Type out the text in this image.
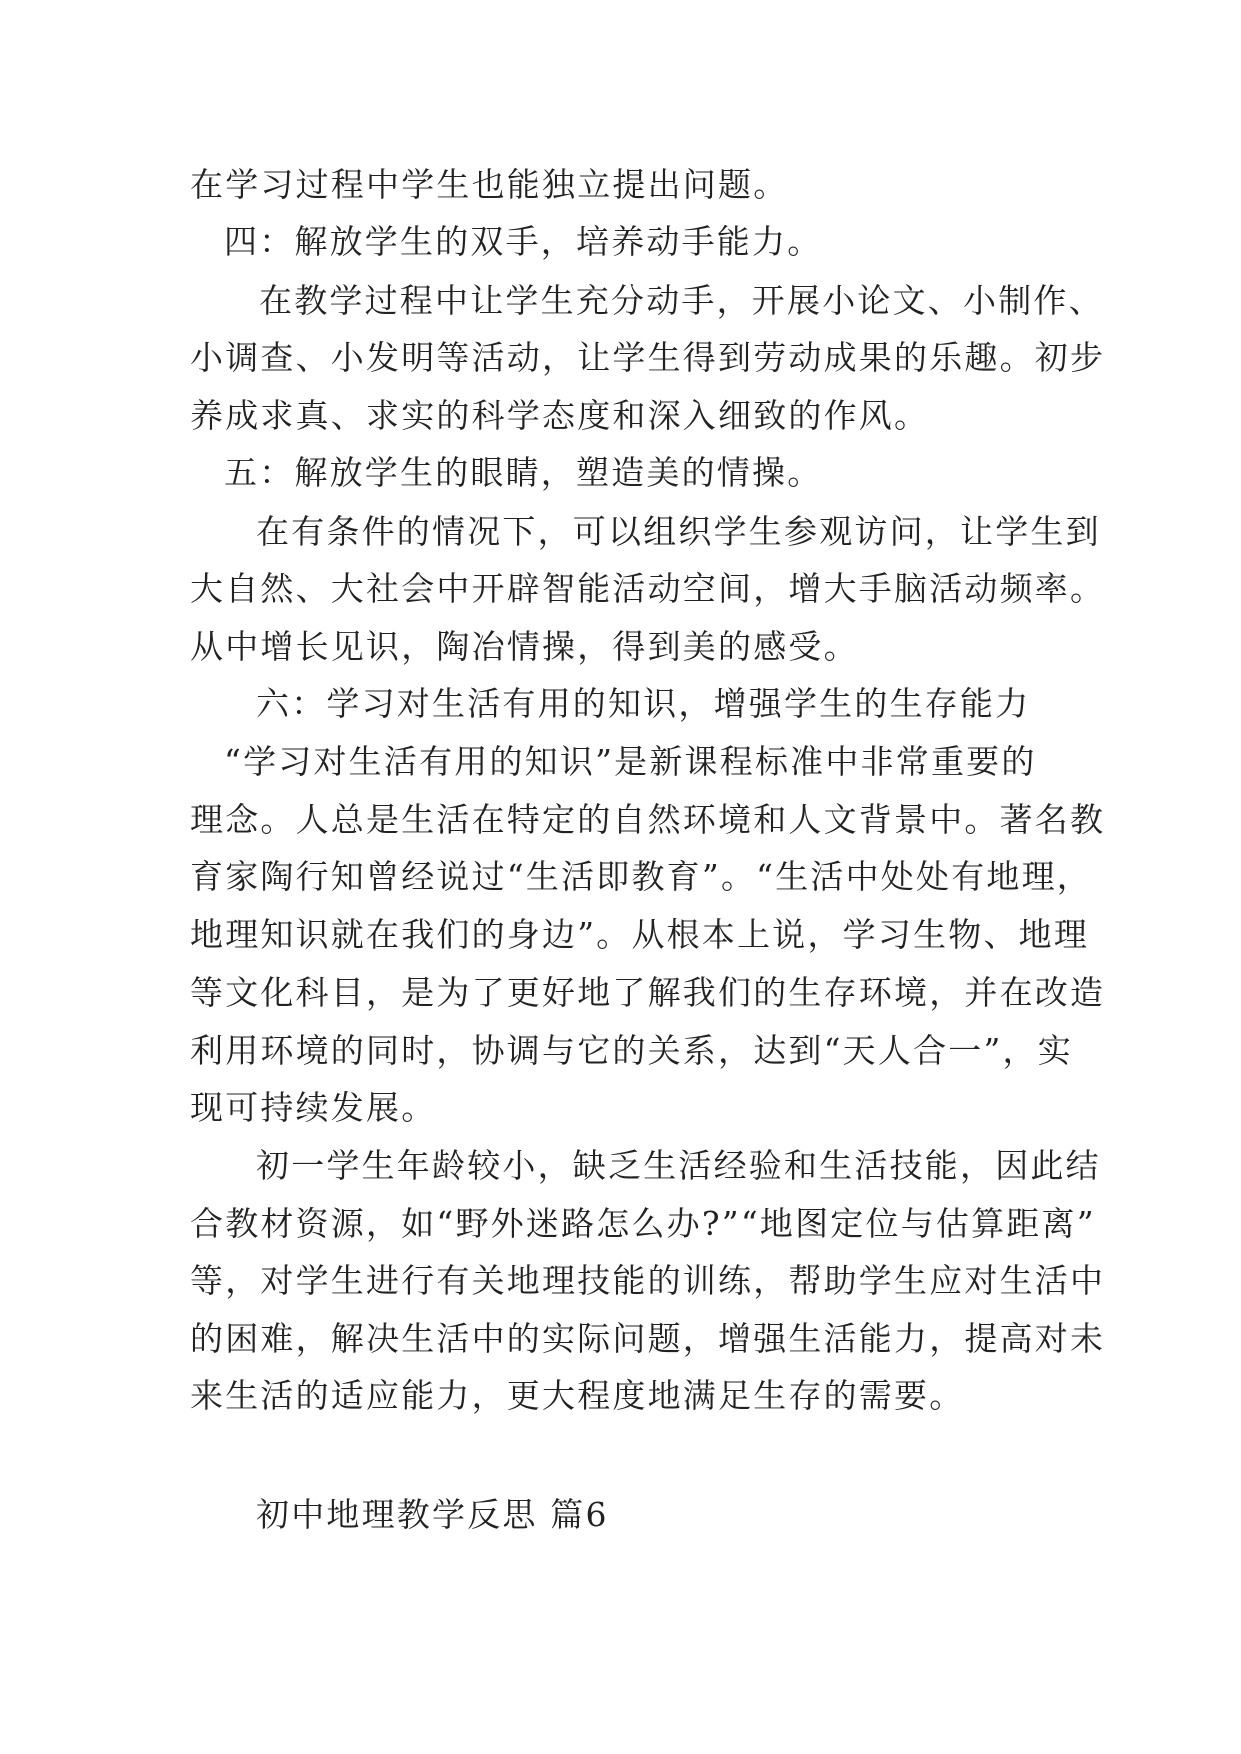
在学习过程中学生也能独立提出问题。
四：解放学生的双手，培养动手能力。
在教学过程中让学生充分动手，开展小论文、小制作、
小调查、小发明等活动，让学生得到劳动成果的乐趣。初步
养成求真、求实的科学态度和深入细致的作风。
五：解放学生的眼睛，塑造美的情操。
在有条件的情况下，可以组织学生参观访问，让学生到
大自然、大社会中开辟智能活动空间，增大手脑活动频率。
从中增长见识，陶冶情操，得到美的感受。
六：学习对生活有用的知识，增强学生的生存能力
“学习对生活有用的知识”是新课程标准中非常重要的
理念。人总是生活在特定的自然环境和人文背景中。著名教
育家陶行知曾经说过“生活即教育”。“生活中处处有地理，
地理知识就在我们的身边”。从根本上说，学习生物、地理
等文化科目，是为了更好地了解我们的生存环境，并在改造
利用环境的同时，协调与它的关系，达到“天人合一”，实
现可持续发展。
初一学生年龄较小，缺乏生活经验和生活技能，因此结
合教材资源，如“野外迷路怎么办?”“地图定位与估算距离”
等，对学生进行有关地理技能的训练，帮助学生应对生活中
的困难，解决生活中的实际问题，增强生活能力，提高对未
来生活的适应能力，更大程度地满足生存的需要。
初中地理教学反思 篇6
